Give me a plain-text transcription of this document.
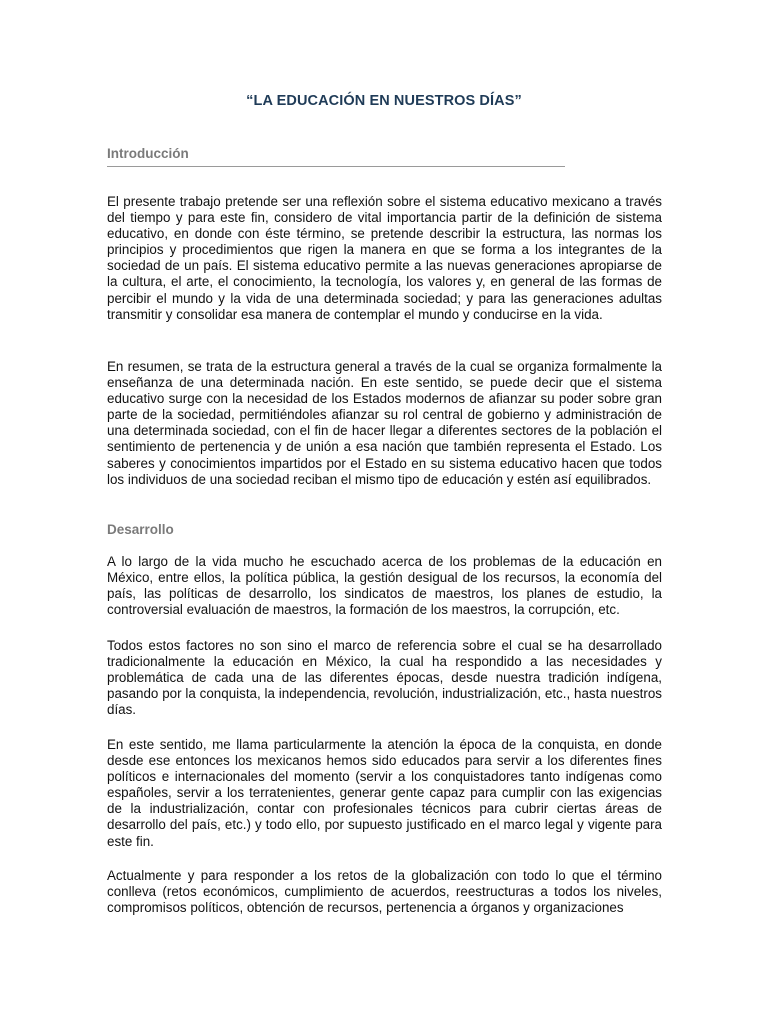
“LA EDUCACIÓN EN NUESTROS DÍAS”
Introducción

El presente trabajo pretende ser una reflexión sobre el sistema educativo mexicano a través del tiempo y para este fin, considero de vital importancia partir de la definición de sistema educativo, en donde con éste término, se pretende describir la estructura, las normas los principios y procedimientos que rigen la manera en que se forma a los integrantes de la sociedad de un país. El sistema educativo permite a las nuevas generaciones apropiarse de la cultura, el arte, el conocimiento, la tecnología, los valores y, en general de las formas de percibir el mundo y la vida de una determinada sociedad; y para las generaciones adultas transmitir y consolidar esa manera de contemplar el mundo y conducirse en la vida.

En resumen, se trata de la estructura general a través de la cual se organiza formalmente la enseñanza de una determinada nación. En este sentido, se puede decir que el sistema educativo surge con la necesidad de los Estados modernos de afianzar su poder sobre gran parte de la sociedad, permitiéndoles afianzar su rol central de gobierno y administración de una determinada sociedad, con el fin de hacer llegar a diferentes sectores de la población el sentimiento de pertenencia y de unión a esa nación que también representa el Estado. Los saberes y conocimientos impartidos por el Estado en su sistema educativo hacen que todos los individuos de una sociedad reciban el mismo tipo de educación y estén así equilibrados.

Desarrollo

A lo largo de la vida mucho he escuchado acerca de los problemas de la educación en México, entre ellos, la política pública, la gestión desigual de los recursos, la economía del país, las políticas de desarrollo, los sindicatos de maestros, los planes de estudio, la controversial evaluación de maestros, la formación de los maestros, la corrupción, etc.

Todos estos factores no son sino el marco de referencia sobre el cual se ha desarrollado tradicionalmente la educación en México, la cual ha respondido a las necesidades y problemática de cada una de las diferentes épocas, desde nuestra tradición indígena, pasando por la conquista, la independencia, revolución, industrialización, etc., hasta nuestros días.

En este sentido, me llama particularmente la atención la época de la conquista, en donde desde ese entonces los mexicanos hemos sido educados para servir a los diferentes fines políticos e internacionales del momento (servir a los conquistadores tanto indígenas como españoles, servir a los terratenientes, generar gente capaz para cumplir con las exigencias de la industrialización, contar con profesionales técnicos para cubrir ciertas áreas de desarrollo del país, etc.) y todo ello, por supuesto justificado en el marco legal y vigente para este fin.

Actualmente y para responder a los retos de la globalización con todo lo que el término conlleva (retos económicos, cumplimiento de acuerdos, reestructuras a todos los niveles, compromisos políticos, obtención de recursos, pertenencia a órganos y organizaciones
